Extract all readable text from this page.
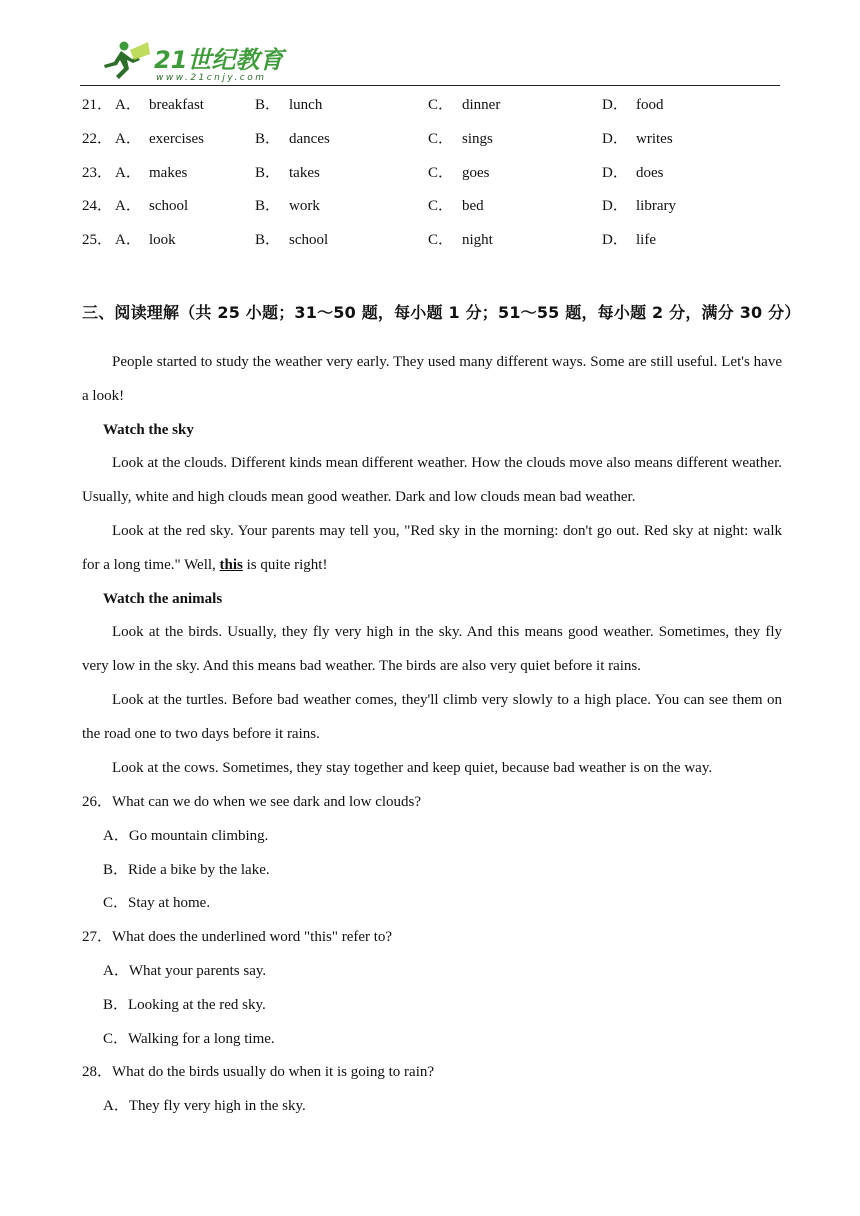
21世纪教育
www.21cnjy.com
21． A． breakfast	B． lunch	C． dinner	D． food
22． A． exercises	B． dances	C． sings	D． writes
23． A． makes	B． takes	C． goes	D． does
24． A． school	B． work	C． bed	D． library
25． A． look	B． school	C． night	D． life
三、阅读理解（共 25 小题；31～50 题，每小题 1 分；51～55 题，每小题 2 分，满分 30 分）

People started to study the weather very early. They used many different ways. Some are still useful. Let's have a look!

Watch the sky

Look at the clouds. Different kinds mean different weather. How the clouds move also means different weather. Usually, white and high clouds mean good weather. Dark and low clouds mean bad weather.

Look at the red sky. Your parents may tell you, "Red sky in the morning: don't go out. Red sky at night: walk for a long time." Well, this is quite right!

Watch the animals

Look at the birds. Usually, they fly very high in the sky. And this means good weather. Sometimes, they fly very low in the sky. And this means bad weather. The birds are also very quiet before it rains.

Look at the turtles. Before bad weather comes, they'll climb very slowly to a high place. You can see them on the road one to two days before it rains.

Look at the cows. Sometimes, they stay together and keep quiet, because bad weather is on the way.

26．What can we do when we see dark and low clouds?
A．Go mountain climbing.
B．Ride a bike by the lake.
C．Stay at home.
27．What does the underlined word "this" refer to?
A．What your parents say.
B．Looking at the red sky.
C．Walking for a long time.
28．What do the birds usually do when it is going to rain?
A．They fly very high in the sky.
